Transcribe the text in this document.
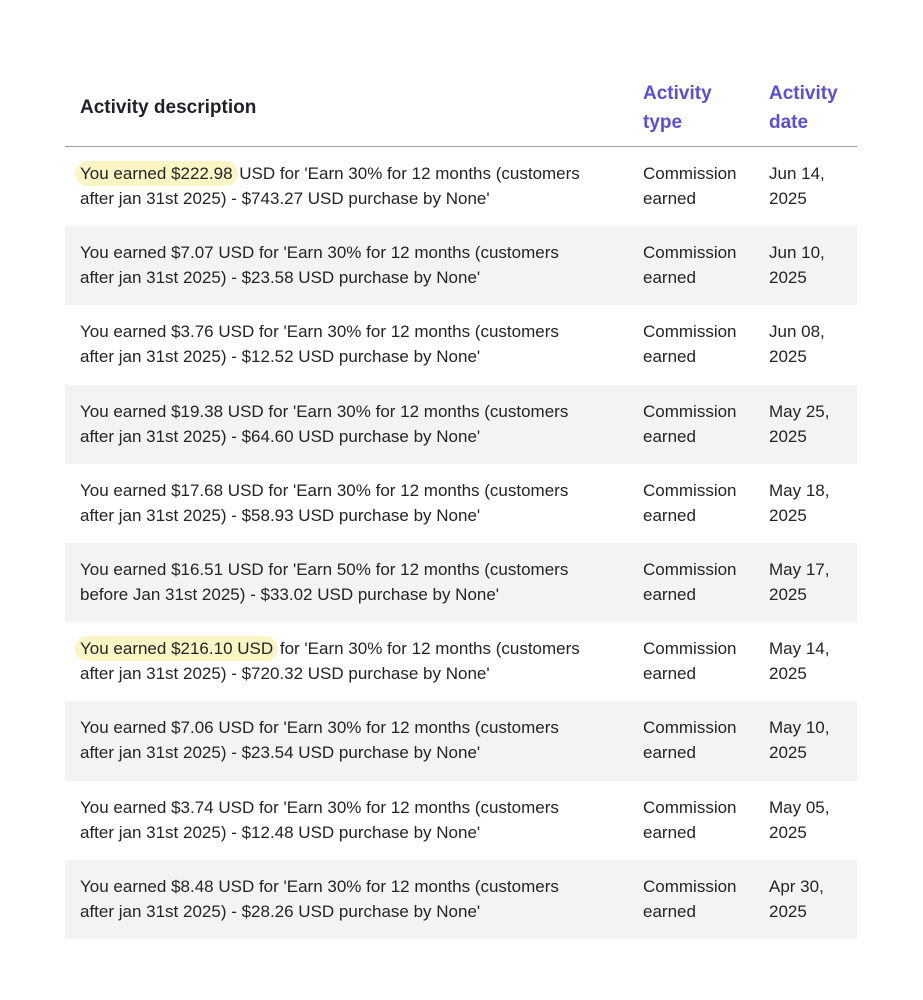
Activity description
Activity
type
Activity
date
You earned $222.98 USD for 'Earn 30% for 12 months (customers
after jan 31st 2025) - $743.27 USD purchase by None'
Commission
earned
Jun 14,
2025
You earned $7.07 USD for 'Earn 30% for 12 months (customers
after jan 31st 2025) - $23.58 USD purchase by None'
Commission
earned
Jun 10,
2025
You earned $3.76 USD for 'Earn 30% for 12 months (customers
after jan 31st 2025) - $12.52 USD purchase by None'
Commission
earned
Jun 08,
2025
You earned $19.38 USD for 'Earn 30% for 12 months (customers
after jan 31st 2025) - $64.60 USD purchase by None'
Commission
earned
May 25,
2025
You earned $17.68 USD for 'Earn 30% for 12 months (customers
after jan 31st 2025) - $58.93 USD purchase by None'
Commission
earned
May 18,
2025
You earned $16.51 USD for 'Earn 50% for 12 months (customers
before Jan 31st 2025) - $33.02 USD purchase by None'
Commission
earned
May 17,
2025
You earned $216.10 USD for 'Earn 30% for 12 months (customers
after jan 31st 2025) - $720.32 USD purchase by None'
Commission
earned
May 14,
2025
You earned $7.06 USD for 'Earn 30% for 12 months (customers
after jan 31st 2025) - $23.54 USD purchase by None'
Commission
earned
May 10,
2025
You earned $3.74 USD for 'Earn 30% for 12 months (customers
after jan 31st 2025) - $12.48 USD purchase by None'
Commission
earned
May 05,
2025
You earned $8.48 USD for 'Earn 30% for 12 months (customers
after jan 31st 2025) - $28.26 USD purchase by None'
Commission
earned
Apr 30,
2025
